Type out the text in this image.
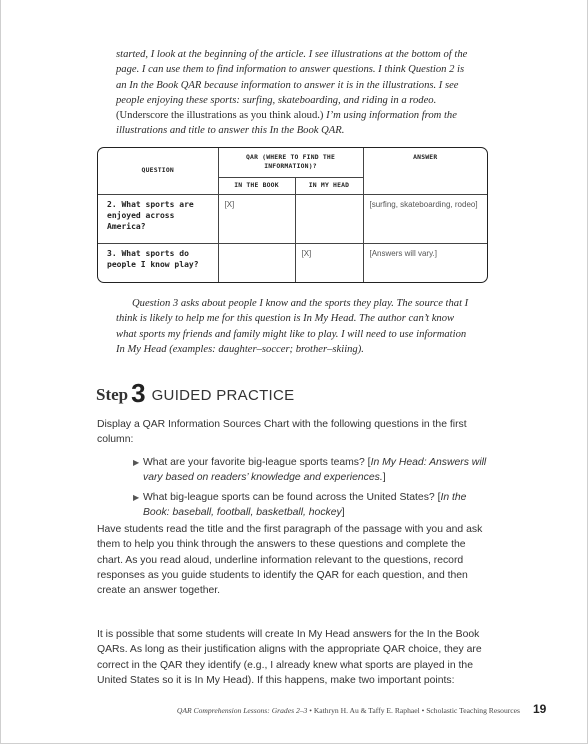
started, I look at the beginning of the article. I see illustrations at the bottom of the page. I can use them to find information to answer questions. I think Question 2 is an In the Book QAR because information to answer it is in the illustrations. I see people enjoying these sports: surfing, skateboarding, and riding in a rodeo. (Underscore the illustrations as you think aloud.) I’m using information from the illustrations and title to answer this In the Book QAR.

QUESTION	QAR (WHERE TO FIND THE INFORMATION)?		ANSWER
	IN THE BOOK	IN MY HEAD	
2. What sports are enjoyed across America?	[X]		[surfing, skateboarding, rodeo]
3. What sports do people I know play?		[X]	[Answers will vary.]

Question 3 asks about people I know and the sports they play. The source that I think is likely to help me for this question is In My Head. The author can’t know what sports my friends and family might like to play. I will need to use information In My Head (examples: daughter–soccer; brother–skiing).

Step 3 GUIDED PRACTICE

Display a QAR Information Sources Chart with the following questions in the first column:

▶ What are your favorite big-league sports teams? [In My Head: Answers will vary based on readers’ knowledge and experiences.]
▶ What big-league sports can be found across the United States? [In the Book: baseball, football, basketball, hockey]

Have students read the title and the first paragraph of the passage with you and ask them to help you think through the answers to these questions and complete the chart. As you read aloud, underline information relevant to the questions, record responses as you guide students to identify the QAR for each question, and then create an answer together.

It is possible that some students will create In My Head answers for the In the Book QARs. As long as their justification aligns with the appropriate QAR choice, they are correct in the QAR they identify (e.g., I already knew what sports are played in the United States so it is In My Head). If this happens, make two important points:

QAR Comprehension Lessons: Grades 2–3 • Kathryn H. Au & Taffy E. Raphael • Scholastic Teaching Resources 19
